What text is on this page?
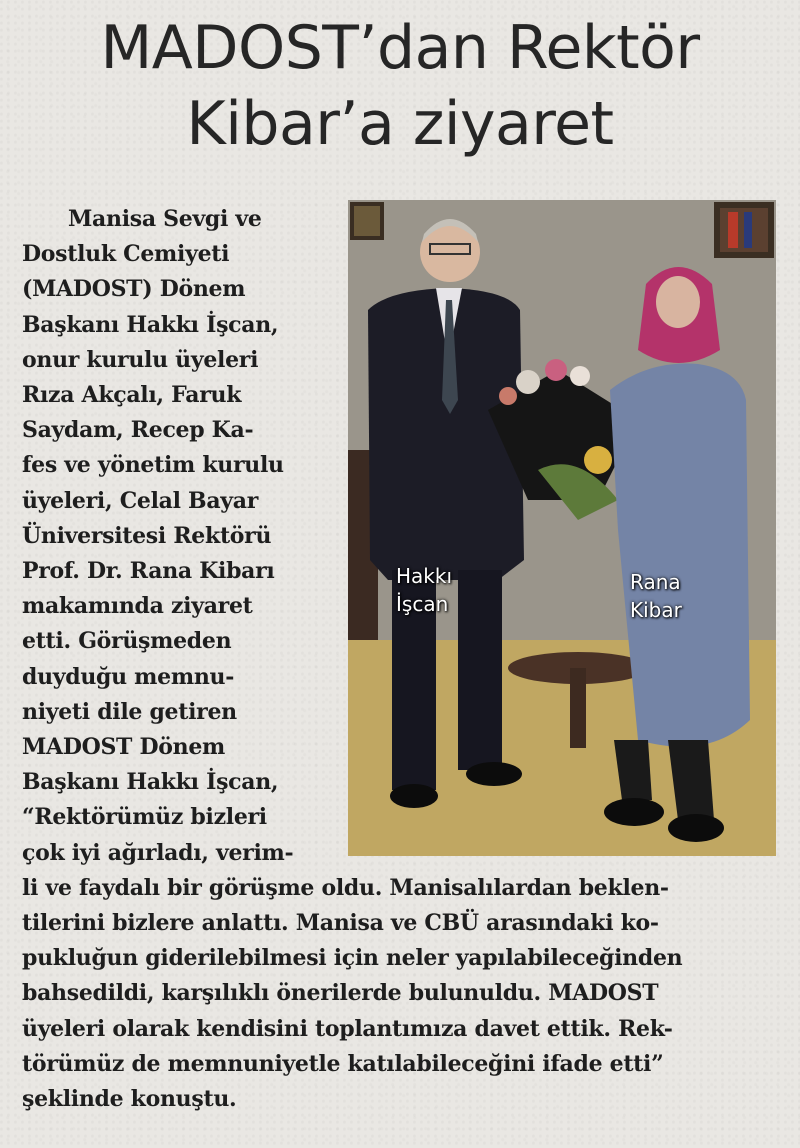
MADOST’dan Rektör
Kibar’a ziyaret
Manisa Sevgi ve
Dostluk Cemiyeti
(MADOST) Dönem
Başkanı Hakkı İşcan,
onur kurulu üyeleri
Rıza Akçalı, Faruk
Saydam, Recep Ka-
fes ve yönetim kurulu
üyeleri, Celal Bayar
Üniversitesi Rektörü
Prof. Dr. Rana Kibarı
makamında ziyaret
etti. Görüşmeden
duyduğu memnu-
niyeti dile getiren
MADOST Dönem
Başkanı Hakkı İşcan,
“Rektörümüz bizleri
çok iyi ağırladı, verim-
li ve faydalı bir görüşme oldu. Manisalılardan beklen-
tilerini bizlere anlattı. Manisa ve CBÜ arasındaki ko-
pukluğun giderilebilmesi için neler yapılabileceğinden
bahsedildi, karşılıklı önerilerde bulunuldu. MADOST
üyeleri olarak kendisini toplantımıza davet ettik. Rek-
törümüz de memnuniyetle katılabileceğini ifade etti”
şeklinde konuştu.
Hakkı
İşcan
Rana
Kibar
